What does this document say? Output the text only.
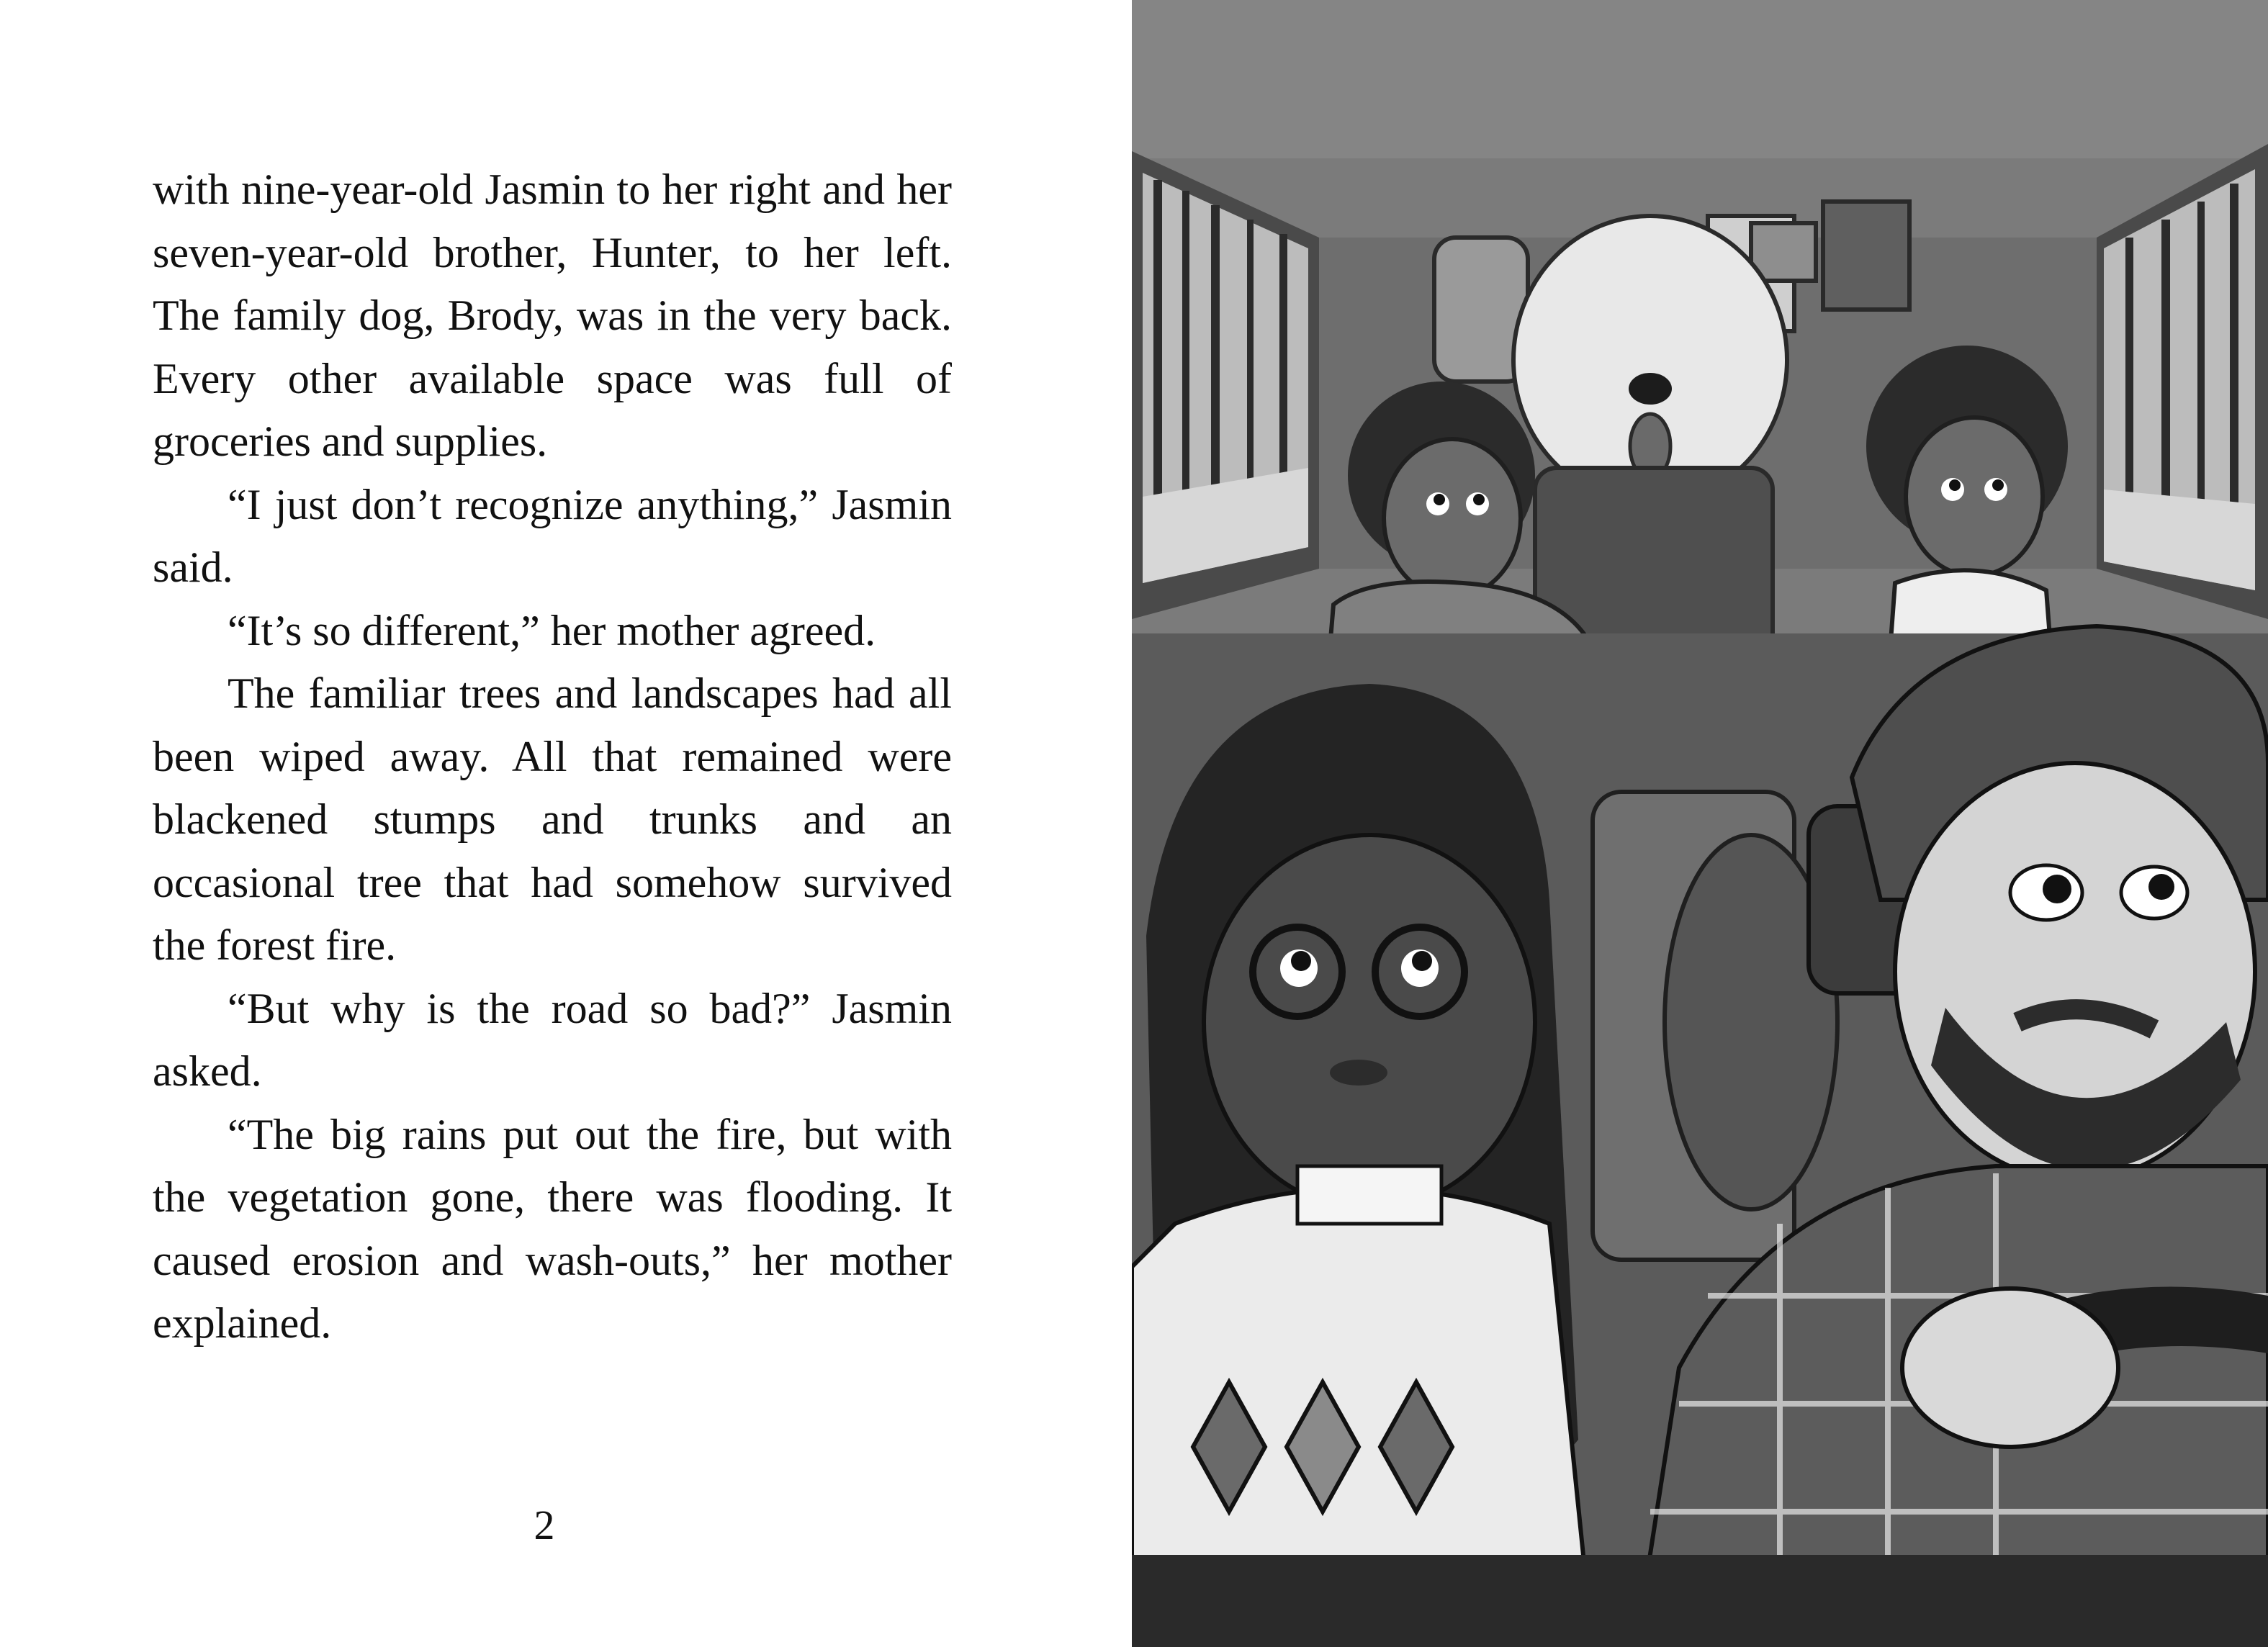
with nine-year-old Jasmin to her right and her seven-year-old brother, Hunter, to her left. The family dog, Brody, was in the very back. Every other available space was full of groceries and supplies.

“I just don’t recognize anything,” Jasmin said.

“It’s so different,” her mother agreed.

The familiar trees and landscapes had all been wiped away. All that remained were blackened stumps and trunks and an occasional tree that had somehow survived the forest fire.

“But why is the road so bad?” Jasmin asked.

“The big rains put out the fire, but with the vegetation gone, there was flooding. It caused erosion and wash-outs,” her mother explained.

2
